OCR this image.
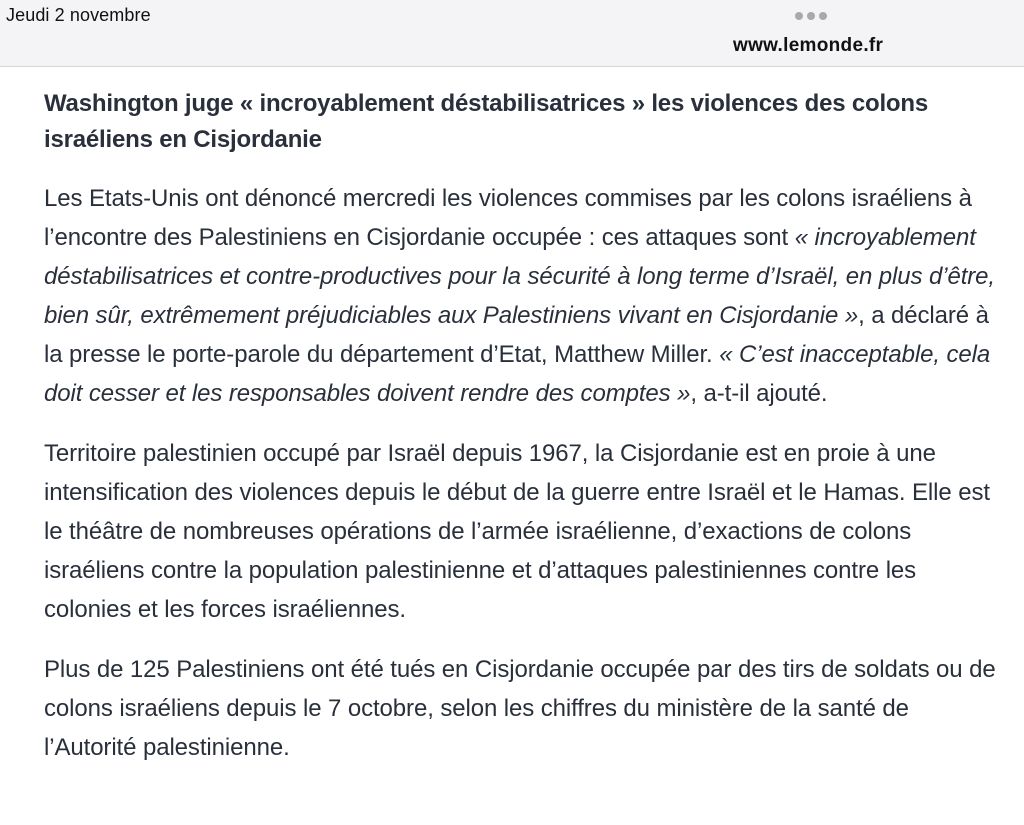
Jeudi 2 novembre
www.lemonde.fr
Washington juge « incroyablement déstabilisatrices » les violences des colons israéliens en Cisjordanie

Les Etats-Unis ont dénoncé mercredi les violences commises par les colons israéliens à l’encontre des Palestiniens en Cisjordanie occupée : ces attaques sont « incroyablement déstabilisatrices et contre-productives pour la sécurité à long terme d’Israël, en plus d’être, bien sûr, extrêmement préjudiciables aux Palestiniens vivant en Cisjordanie », a déclaré à la presse le porte-parole du département d’Etat, Matthew Miller. « C’est inacceptable, cela doit cesser et les responsables doivent rendre des comptes », a-t-il ajouté.

Territoire palestinien occupé par Israël depuis 1967, la Cisjordanie est en proie à une intensification des violences depuis le début de la guerre entre Israël et le Hamas. Elle est le théâtre de nombreuses opérations de l’armée israélienne, d’exactions de colons israéliens contre la population palestinienne et d’attaques palestiniennes contre les colonies et les forces israéliennes.

Plus de 125 Palestiniens ont été tués en Cisjordanie occupée par des tirs de soldats ou de colons israéliens depuis le 7 octobre, selon les chiffres du ministère de la santé de l’Autorité palestinienne.
